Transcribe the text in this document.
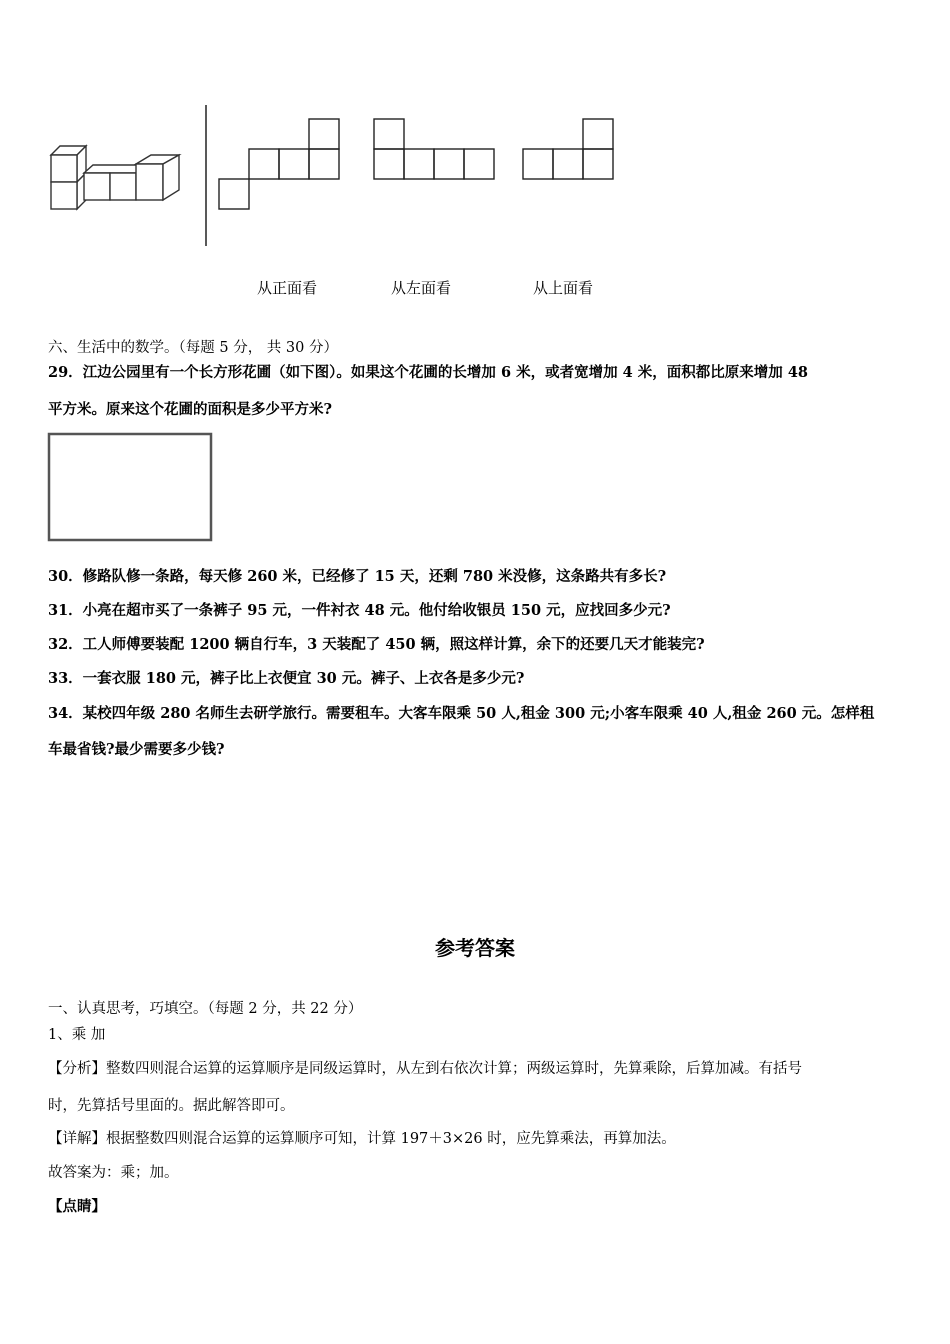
从正面看	从左面看	从上面看
六、生活中的数学。（每题 5 分， 共 30 分）
29．江边公园里有一个长方形花圃（如下图）。如果这个花圃的长增加 6 米，或者宽增加 4 米，面积都比原来增加 48
平方米。原来这个花圃的面积是多少平方米?
30．修路队修一条路，每天修 260 米，已经修了 15 天，还剩 780 米没修，这条路共有多长?
31．小亮在超市买了一条裤子 95 元，一件衬衣 48 元。他付给收银员 150 元，应找回多少元?
32．工人师傅要装配 1200 辆自行车，3 天装配了 450 辆，照这样计算，余下的还要几天才能装完?
33．一套衣服 180 元，裤子比上衣便宜 30 元。裤子、上衣各是多少元?
34．某校四年级 280 名师生去研学旅行。需要租车。大客车限乘 50 人,租金 300 元;小客车限乘 40 人,租金 260 元。怎样租
车最省钱?最少需要多少钱?
参考答案
一、认真思考，巧填空。（每题 2 分，共 22 分）
1、乘 加
【分析】整数四则混合运算的运算顺序是同级运算时，从左到右依次计算；两级运算时，先算乘除，后算加减。有括号
时，先算括号里面的。据此解答即可。
【详解】根据整数四则混合运算的运算顺序可知，计算 197＋3×26 时，应先算乘法，再算加法。
故答案为：乘；加。
【点睛】
